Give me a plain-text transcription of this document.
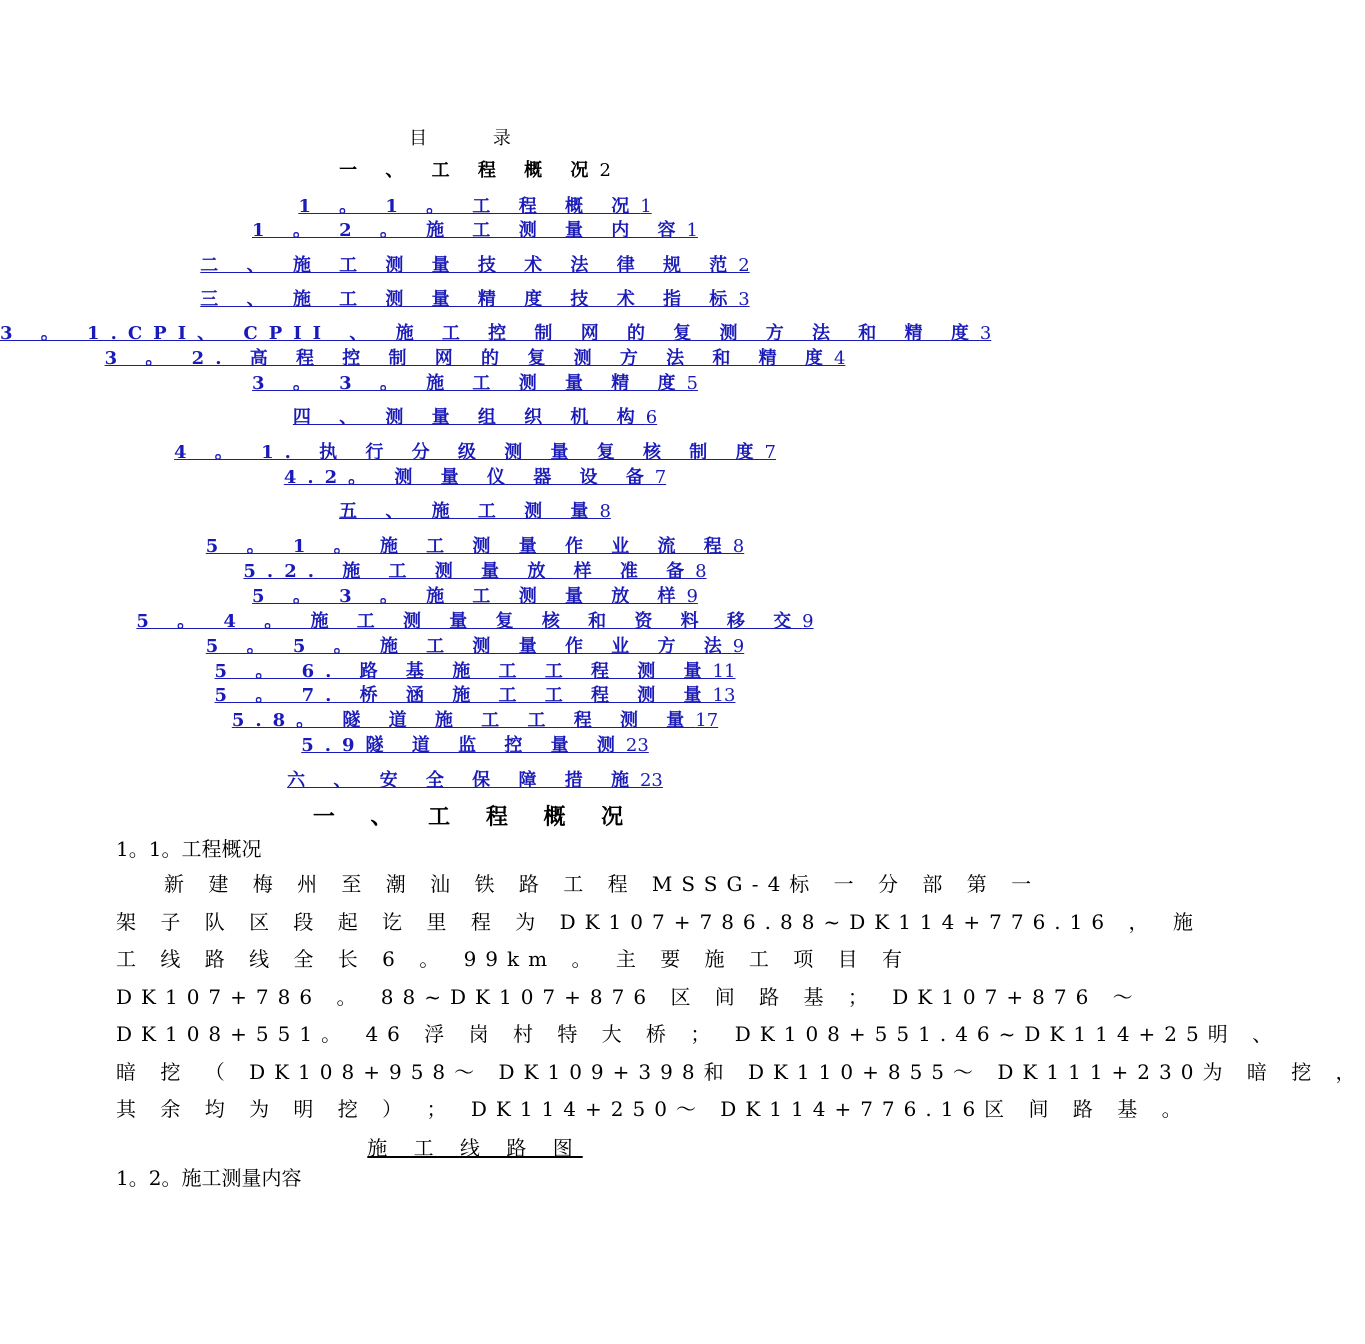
目 录
一 、 工 程 概 况2
1 。 1 。 工 程 概 况1
1 。 2 。 施 工 测 量 内 容1
二 、 施 工 测 量 技 术 法 律 规 范2
三 、 施 工 测 量 精 度 技 术 指 标3
3 。 1.CPI、 CPII 、 施 工 控 制 网 的 复 测 方 法 和 精 度3
3 。 2. 高 程 控 制 网 的 复 测 方 法 和 精 度4
3 。 3 。 施 工 测 量 精 度5
四 、 测 量 组 织 机 构6
4 。 1. 执 行 分 级 测 量 复 核 制 度7
4.2。 测 量 仪 器 设 备7
五 、 施 工 测 量8
5 。 1 。 施 工 测 量 作 业 流 程8
5.2. 施 工 测 量 放 样 准 备8
5 。 3 。 施 工 测 量 放 样9
5 。 4 。 施 工 测 量 复 核 和 资 料 移 交9
5 。 5 。 施 工 测 量 作 业 方 法9
5 。 6. 路 基 施 工 工 程 测 量11
5 。 7. 桥 涵 施 工 工 程 测 量13
5.8。 隧 道 施 工 工 程 测 量17
5.9隧 道 监 控 量 测23
六 、 安 全 保 障 措 施23
一 、 工 程 概 况
1。1。工程概况
新 建 梅 州 至 潮 汕 铁 路 工 程 MSSG-4标 一 分 部 第 一
架 子 队 区 段 起 讫 里 程 为 DK107+786.88~DK114+776.16 ， 施
工 线 路 线 全 长 6 。 99km 。 主 要 施 工 项 目 有
DK107+786 。 88~DK107+876 区 间 路 基 ； DK107+876 ～
DK108+551。 46 浮 岗 村 特 大 桥 ； DK108+551.46~DK114+25明 、
暗 挖 （ DK108+958～ DK109+398和 DK110+855～ DK111+230为 暗 挖 ，
其 余 均 为 明 挖 ） ； DK114+250～ DK114+776.16区 间 路 基 。
施 工 线 路 图
1。2。施工测量内容
